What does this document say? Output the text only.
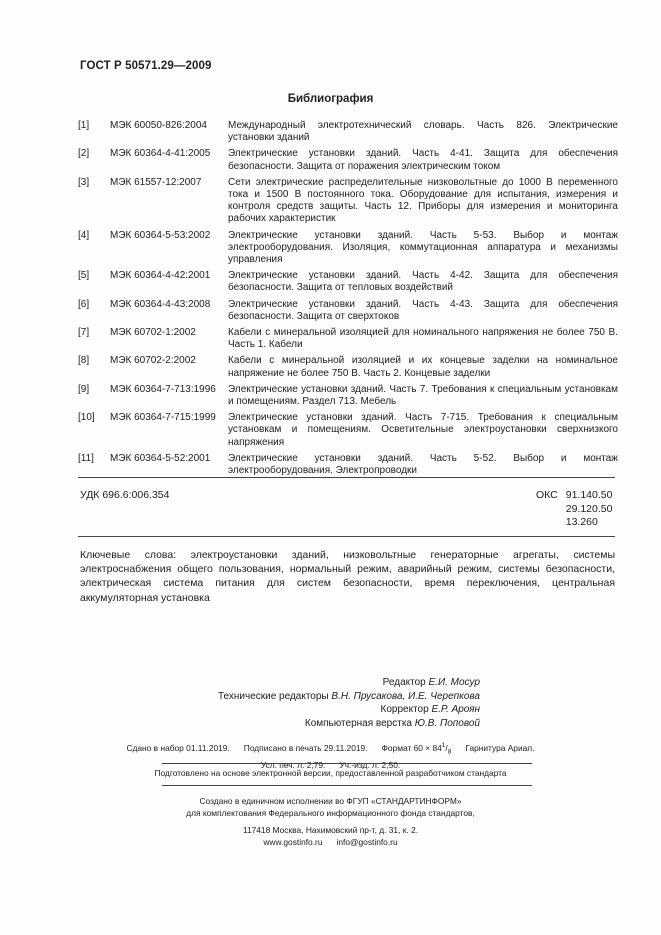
ГОСТ Р 50571.29—2009
Библиография
[1]	МЭК 60050-826:2004	Международный электротехнический словарь. Часть 826. Электрические установки зданий
[2]	МЭК 60364-4-41:2005	Электрические установки зданий. Часть 4-41. Защита для обеспечения безопасности. Защита от поражения электрическим током
[3]	МЭК 61557-12:2007	Сети электрические распределительные низковольтные до 1000 В переменного тока и 1500 В постоянного тока. Оборудование для испытания, измерения и контроля средств защиты. Часть 12. Приборы для измерения и мониторинга рабочих характеристик
[4]	МЭК 60364-5-53:2002	Электрические установки зданий. Часть 5-53. Выбор и монтаж электрооборудования. Изоляция, коммутационная аппаратура и механизмы управления
[5]	МЭК 60364-4-42:2001	Электрические установки зданий. Часть 4-42. Защита для обеспечения безопасности. Защита от тепловых воздействий
[6]	МЭК 60364-4-43:2008	Электрические установки зданий. Часть 4-43. Защита для обеспечения безопасности. Защита от сверхтоков
[7]	МЭК 60702-1:2002	Кабели с минеральной изоляцией для номинального напряжения не более 750 В. Часть 1. Кабели
[8]	МЭК 60702-2:2002	Кабели с минеральной изоляцией и их концевые заделки на номинальное напряжение не более 750 В. Часть 2. Концевые заделки
[9]	МЭК 60364-7-713:1996	Электрические установки зданий. Часть 7. Требования к специальным установкам и помещениям. Раздел 713. Мебель
[10]	МЭК 60364-7-715:1999	Электрические установки зданий. Часть 7-715. Требования к специальным установкам и помещениям. Осветительные электроустановки сверхнизкого напряжения
[11]	МЭК 60364-5-52:2001	Электрические установки зданий. Часть 5-52. Выбор и монтаж электрооборудования. Электропроводки
УДК 696.6:006.354	ОКС 91.140.50
29.120.50
13.260
Ключевые слова: электроустановки зданий, низковольтные генераторные агрегаты, системы электроснабжения общего пользования, нормальный режим, аварийный режим, системы безопасности, электрическая система питания для систем безопасности, время переключения, центральная аккумуляторная установка
Редактор Е.И. Мосур
Технические редакторы В.Н. Прусакова, И.Е. Черепкова
Корректор Е.Р. Ароян
Компьютерная верстка Ю.В. Поповой
Сдано в набор 01.11.2019. Подписано в печать 29.11.2019. Формат $60 \times 84^1/_8$ Гарнитура Ариал.
Усл. печ. л. 2,79. Уч.-изд. л. 2,50.
Подготовлено на основе электронной версии, предоставленной разработчиком стандарта
Создано в единичном исполнении во ФГУП «СТАНДАРТИНФОРМ»
для комплектования Федерального информационного фонда стандартов,
117418 Москва, Нахимовский пр-т, д. 31, к. 2.
www.gostinfo.ru info@gostinfo.ru
